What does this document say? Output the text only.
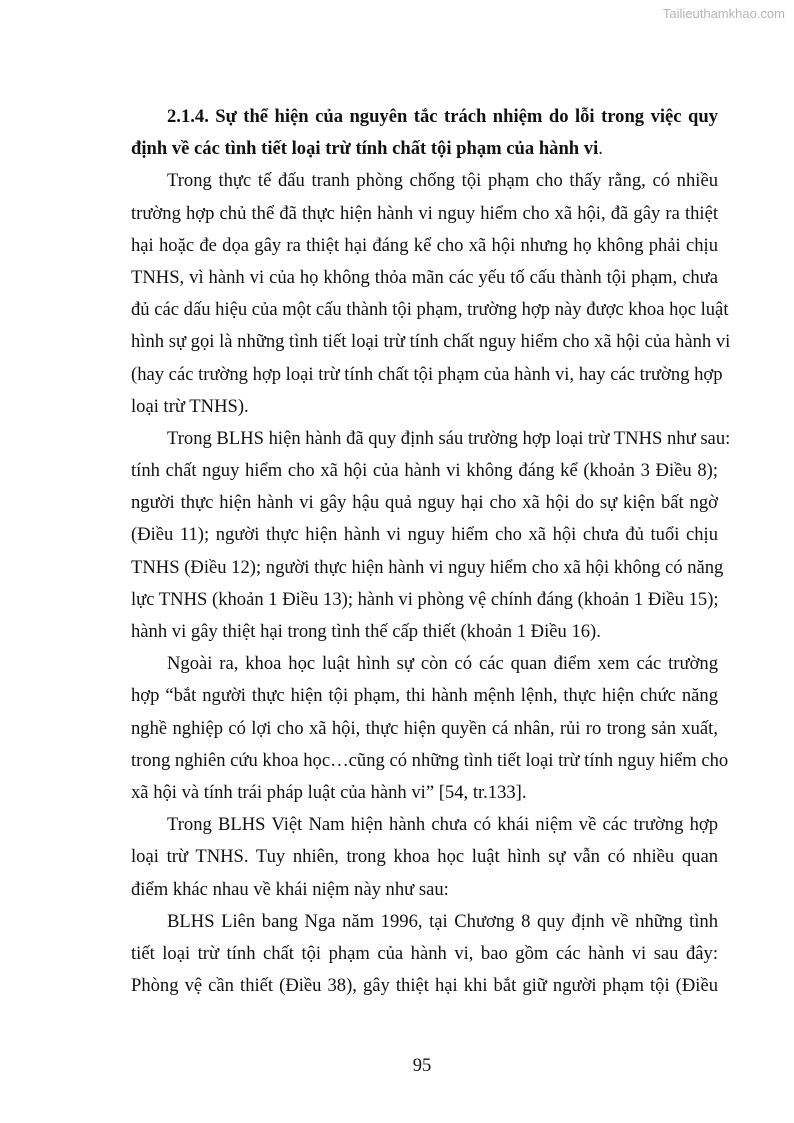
Tailieuthamkhao.com
2.1.4. Sự thể hiện của nguyên tắc trách nhiệm do lỗi trong việc quy
định về các tình tiết loại trừ tính chất tội phạm của hành vi.
Trong thực tế đấu tranh phòng chống tội phạm cho thấy rằng, có nhiều
trường hợp chủ thể đã thực hiện hành vi nguy hiểm cho xã hội, đã gây ra thiệt
hại hoặc đe dọa gây ra thiệt hại đáng kể cho xã hội nhưng họ không phải chịu
TNHS, vì hành vi của họ không thỏa mãn các yếu tố cấu thành tội phạm, chưa
đủ các dấu hiệu của một cấu thành tội phạm, trường hợp này được khoa học luật
hình sự gọi là những tình tiết loại trừ tính chất nguy hiểm cho xã hội của hành vi
(hay các trường hợp loại trừ tính chất tội phạm của hành vi, hay các trường hợp
loại trừ TNHS).
Trong BLHS hiện hành đã quy định sáu trường hợp loại trừ TNHS như sau:
tính chất nguy hiểm cho xã hội của hành vi không đáng kể (khoản 3 Điều 8);
người thực hiện hành vi gây hậu quả nguy hại cho xã hội do sự kiện bất ngờ
(Điều 11); người thực hiện hành vi nguy hiểm cho xã hội chưa đủ tuổi chịu
TNHS (Điều 12); người thực hiện hành vi nguy hiểm cho xã hội không có năng
lực TNHS (khoản 1 Điều 13); hành vi phòng vệ chính đáng (khoản 1 Điều 15);
hành vi gây thiệt hại trong tình thế cấp thiết (khoản 1 Điều 16).
Ngoài ra, khoa học luật hình sự còn có các quan điểm xem các trường
hợp “bắt người thực hiện tội phạm, thi hành mệnh lệnh, thực hiện chức năng
nghề nghiệp có lợi cho xã hội, thực hiện quyền cá nhân, rủi ro trong sản xuất,
trong nghiên cứu khoa học…cũng có những tình tiết loại trừ tính nguy hiểm cho
xã hội và tính trái pháp luật của hành vi” [54, tr.133].
Trong BLHS Việt Nam hiện hành chưa có khái niệm về các trường hợp
loại trừ TNHS. Tuy nhiên, trong khoa học luật hình sự vẫn có nhiều quan
điểm khác nhau về khái niệm này như sau:
BLHS Liên bang Nga năm 1996, tại Chương 8 quy định về những tình
tiết loại trừ tính chất tội phạm của hành vi, bao gồm các hành vi sau đây:
Phòng vệ cần thiết (Điều 38), gây thiệt hại khi bắt giữ người phạm tội (Điều
95
